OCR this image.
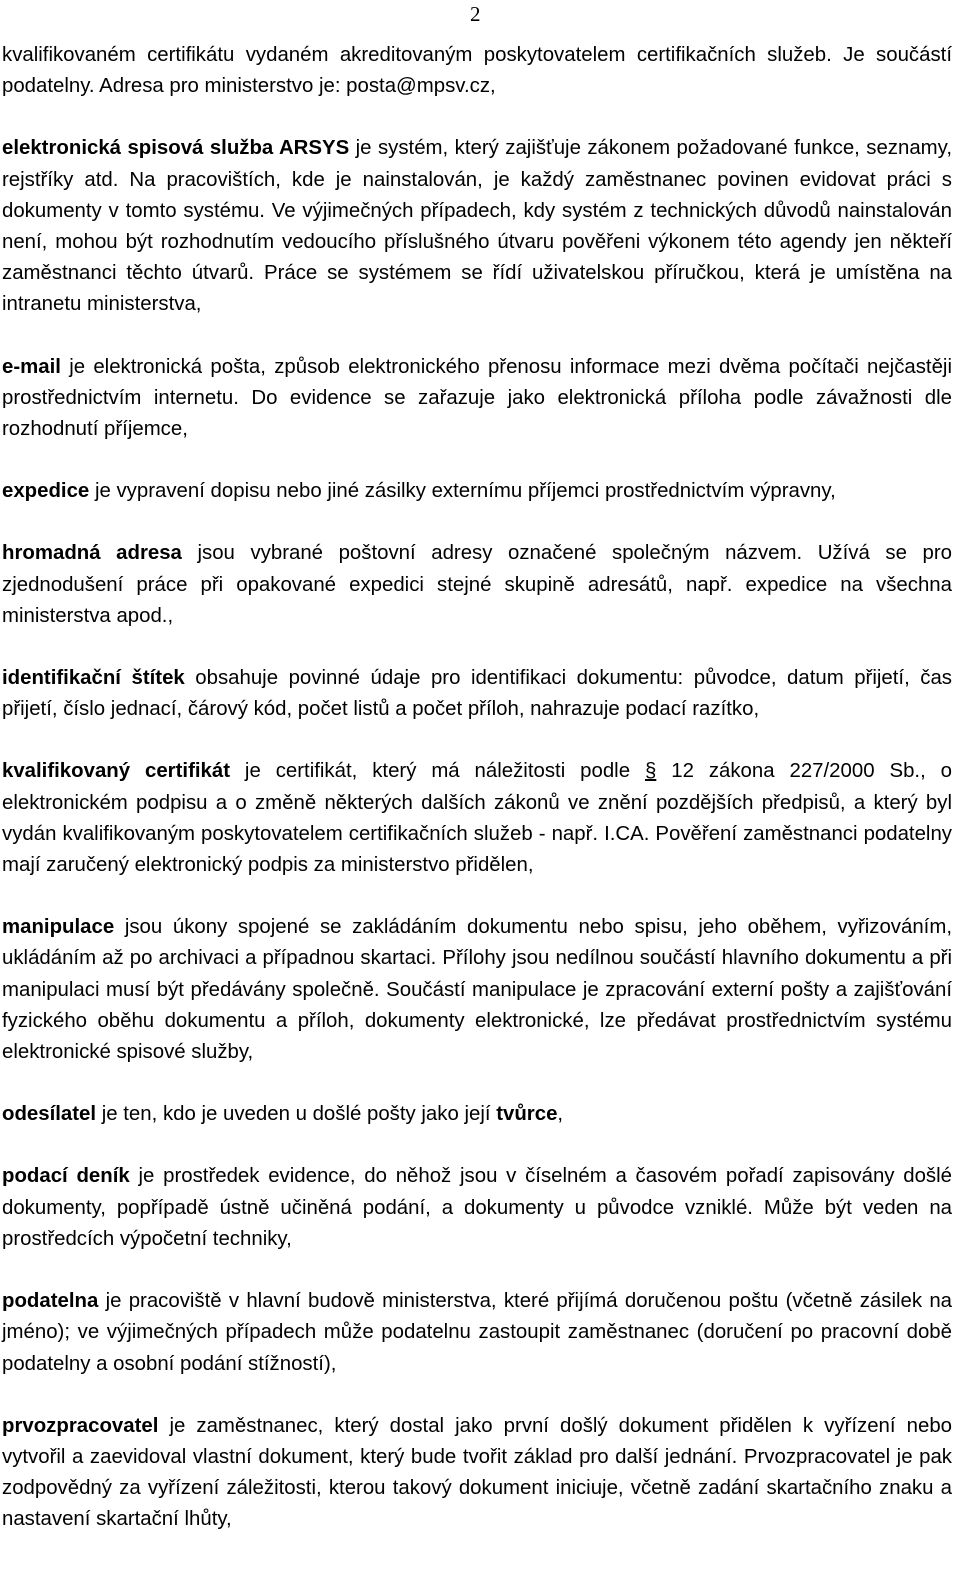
2

kvalifikovaném certifikátu vydaném akreditovaným poskytovatelem certifikačních služeb. Je součástí podatelny. Adresa pro ministerstvo je: posta@mpsv.cz,

elektronická spisová služba ARSYS je systém, který zajišťuje zákonem požadované funkce, seznamy, rejstříky atd. Na pracovištích, kde je nainstalován, je každý zaměstnanec povinen evidovat práci s dokumenty v tomto systému. Ve výjimečných případech, kdy systém z technických důvodů nainstalován není, mohou být rozhodnutím vedoucího příslušného útvaru pověřeni výkonem této agendy jen někteří zaměstnanci těchto útvarů. Práce se systémem se řídí uživatelskou příručkou, která je umístěna na intranetu ministerstva,

e-mail je elektronická pošta, způsob elektronického přenosu informace mezi dvěma počítači nejčastěji prostřednictvím internetu. Do evidence se zařazuje jako elektronická příloha podle závažnosti dle rozhodnutí příjemce,

expedice je vypravení dopisu nebo jiné zásilky externímu příjemci prostřednictvím výpravny,

hromadná adresa jsou vybrané poštovní adresy označené společným názvem. Užívá se pro zjednodušení práce při opakované expedici stejné skupině adresátů, např. expedice na všechna ministerstva apod.,

identifikační štítek obsahuje povinné údaje pro identifikaci dokumentu: původce, datum přijetí, čas přijetí, číslo jednací, čárový kód, počet listů a počet příloh, nahrazuje podací razítko,

kvalifikovaný certifikát je certifikát, který má náležitosti podle § 12 zákona 227/2000 Sb., o elektronickém podpisu a o změně některých dalších zákonů ve znění pozdějších předpisů, a který byl vydán kvalifikovaným poskytovatelem certifikačních služeb - např. I.CA. Pověření zaměstnanci podatelny mají zaručený elektronický podpis za ministerstvo přidělen,

manipulace jsou úkony spojené se zakládáním dokumentu nebo spisu, jeho oběhem, vyřizováním, ukládáním až po archivaci a případnou skartaci. Přílohy jsou nedílnou součástí hlavního dokumentu a při manipulaci musí být předávány společně. Součástí manipulace je zpracování externí pošty a zajišťování fyzického oběhu dokumentu a příloh, dokumenty elektronické, lze předávat prostřednictvím systému elektronické spisové služby,

odesílatel je ten, kdo je uveden u došlé pošty jako její tvůrce,

podací deník je prostředek evidence, do něhož jsou v číselném a časovém pořadí zapisovány došlé dokumenty, popřípadě ústně učiněná podání, a dokumenty u původce vzniklé. Může být veden na prostředcích výpočetní techniky,

podatelna je pracoviště v hlavní budově ministerstva, které přijímá doručenou poštu (včetně zásilek na jméno); ve výjimečných případech může podatelnu zastoupit zaměstnanec (doručení po pracovní době podatelny a osobní podání stížností),

prvozpracovatel je zaměstnanec, který dostal jako první došlý dokument přidělen k vyřízení nebo vytvořil a zaevidoval vlastní dokument, který bude tvořit základ pro další jednání. Prvozpracovatel je pak zodpovědný za vyřízení záležitosti, kterou takový dokument iniciuje, včetně zadání skartačního znaku a nastavení skartační lhůty,
